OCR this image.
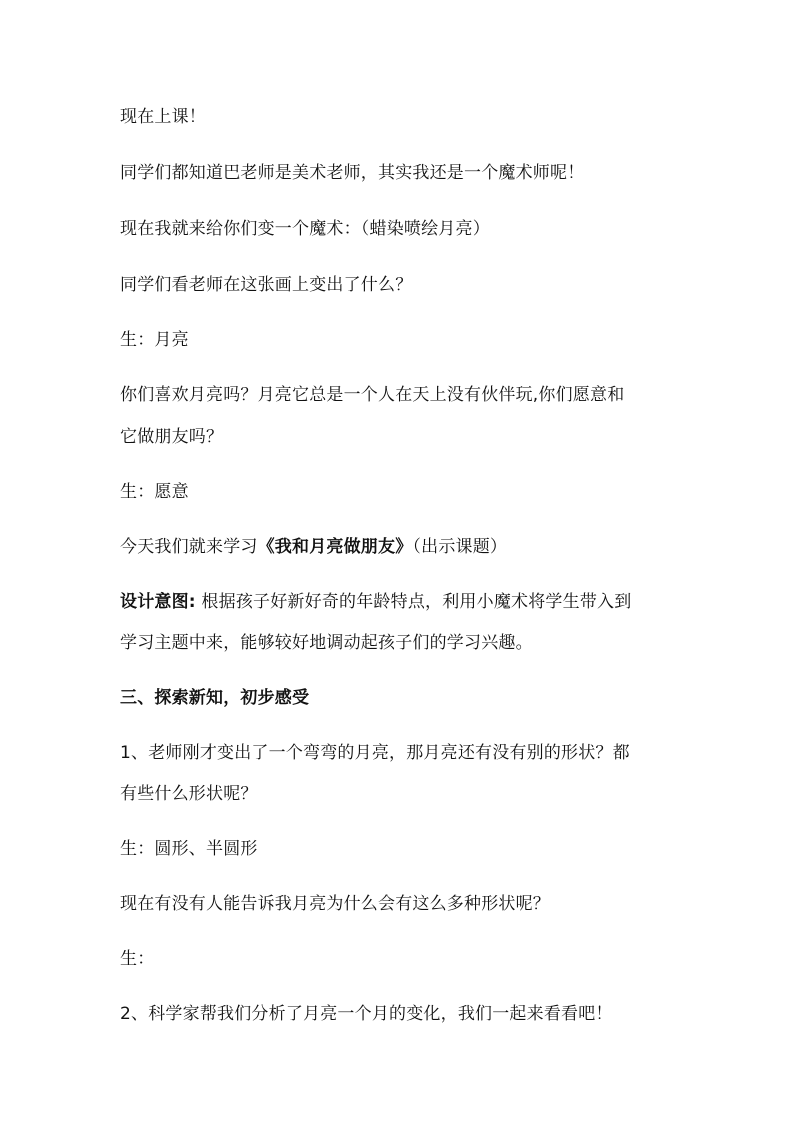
现在上课！
同学们都知道巴老师是美术老师，其实我还是一个魔术师呢！
现在我就来给你们变一个魔术：（蜡染喷绘月亮）
同学们看老师在这张画上变出了什么？
生：月亮
你们喜欢月亮吗？月亮它总是一个人在天上没有伙伴玩,你们愿意和
它做朋友吗？
生：愿意
今天我们就来学习《我和月亮做朋友》（出示课题）
设计意图: 根据孩子好新好奇的年龄特点，利用小魔术将学生带入到
学习主题中来，能够较好地调动起孩子们的学习兴趣。
三、探索新知，初步感受
1、老师刚才变出了一个弯弯的月亮，那月亮还有没有别的形状？都
有些什么形状呢？
生：圆形、半圆形
现在有没有人能告诉我月亮为什么会有这么多种形状呢？
生：
2、科学家帮我们分析了月亮一个月的变化，我们一起来看看吧！
